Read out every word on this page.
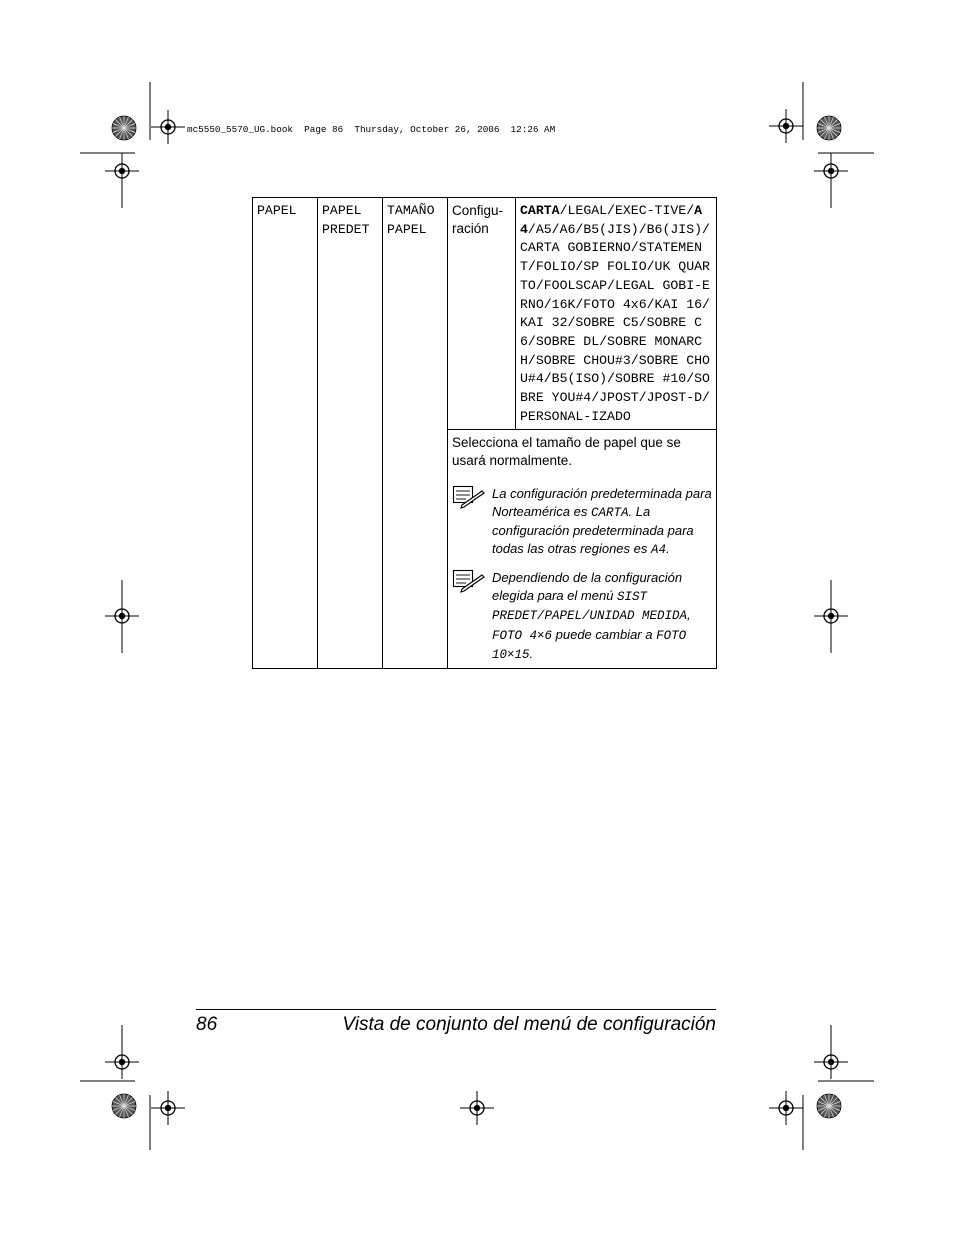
mc5550_5570_UG.book  Page 86  Thursday, October 26, 2006  12:26 AM
PAPEL	PAPEL PREDET	TAMAÑO PAPEL	Configu-
ración	CARTA/LEGAL/EXEC-TIVE/A4/A5/A6/B5(JIS)/B6(JIS)/CARTA GOBIERNO/STATEMENT/FOLIO/SP FOLIO/UK QUARTO/FOOLSCAP/LEGAL GOBI-ERNO/16K/FOTO 4x6/KAI 16/KAI 32/SOBRE C5/SOBRE C6/SOBRE DL/SOBRE MONARCH/SOBRE CHOU#3/SOBRE CHOU#4/B5(ISO)/SOBRE #10/SOBRE YOU#4/JPOST/JPOST-D/PERSONAL-IZADO

Selecciona el tamaño de papel que se usará normalmente.
La configuración predeterminada para Norteamérica es CARTA. La configuración predeterminada para todas las otras regiones es A4.
Dependiendo de la configuración elegida para el menú SIST PREDET/PAPEL/UNIDAD MEDIDA, FOTO 4×6 puede cambiar a FOTO 10×15.
86	Vista de conjunto del menú de configuración
